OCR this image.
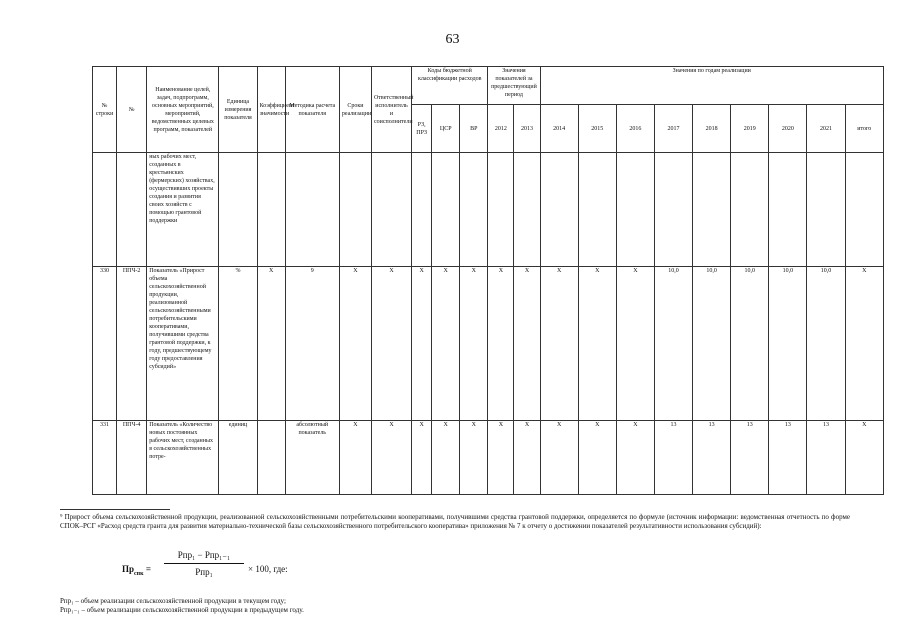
63
№ строки	№	Наименование целей, задач, подпрограмм, основных мероприятий, мероприятий, ведомственных целевых программ, показателей	Единица измерения показателя	Коэффициент значимости	Методика расчета показателя	Сроки реализации	Ответственный исполнитель и соисполнители	Коды бюджетной классификации расходов			Значения показателей за предшествующий период		Значения по годам реализации								
								РЗ, ПРЗ	ЦСР	ВР	2012	2013	2014	2015	2016	2017	2018	2019	2020	2021	итого
		ных рабочих мест, созданных в крестьянских (фермерских) хозяйствах, осуществивших проекты создания и развития своих хозяйств с помощью грантовой поддержки																			
330	ППЧ-2	Показатель «Прирост объема сельскохозяйственной продукции, реализованной сельскохозяйственными потребительскими кооперативами, получившими средства грантовой поддержки, к году, предшествующему году предоставления субсидий»	%	X	9	X	X	X	X	X	X	X	X	X	X	10,0	10,0	10,0	10,0	10,0	X
331	ППЧ-4	Показатель «Количество новых постоянных рабочих мест, созданных в сельскохозяйственных потре-	единиц		абсолютный показатель	X	X	X	X	X	X	X	X	X	X	13	13	13	13	13	X
⁹ Прирост объема сельскохозяйственной продукции, реализованной сельскохозяйственными потребительскими кооперативами, получившими средства грантовой поддержки, определяется по формуле (источник информации: ведомственная отчетность по форме СПОК–РСГ «Расход средств гранта для развития материально-технической базы сельскохозяйственного потребительского кооператива» приложения № 7 к отчету о достижении показателей результативности использования субсидий):
$Пр_{спк}$ =
Рпр₁ − Рпр₁₋₁
Рпр₁	× 100, где:
Рпр₁ – объем реализации сельскохозяйственной продукции в текущем году;
Рпр₁₋₁ – объем реализации сельскохозяйственной продукции в предыдущем году.
